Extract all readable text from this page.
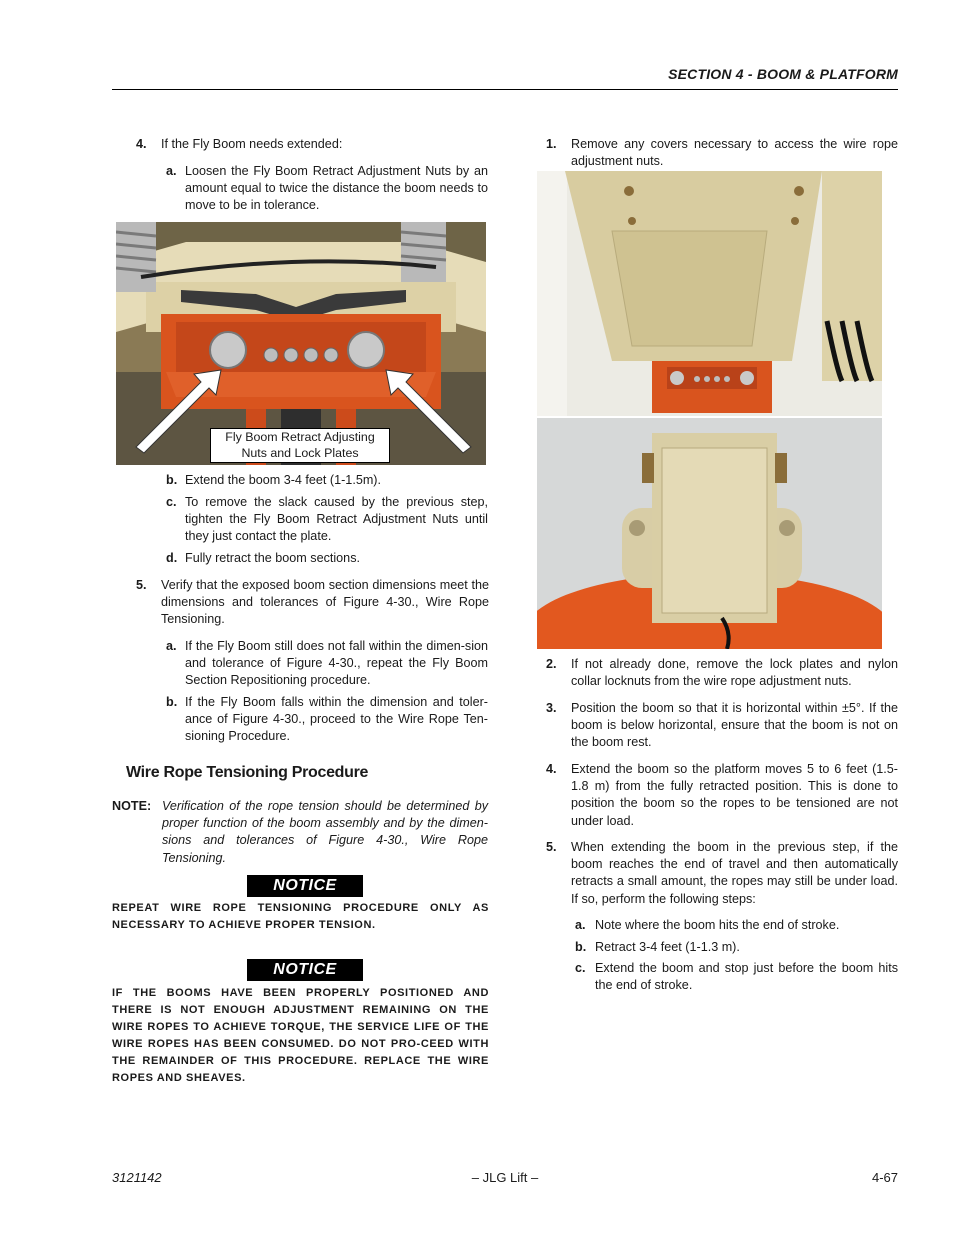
SECTION 4 - BOOM & PLATFORM
4. If the Fly Boom needs extended:
a. Loosen the Fly Boom Retract Adjustment Nuts by an amount equal to twice the distance the boom needs to move to be in tolerance.
Fly Boom Retract Adjusting Nuts and Lock Plates
b. Extend the boom 3-4 feet (1-1.5m).
c. To remove the slack caused by the previous step, tighten the Fly Boom Retract Adjustment Nuts until they just contact the plate.
d. Fully retract the boom sections.
5. Verify that the exposed boom section dimensions meet the dimensions and tolerances of Figure 4-30., Wire Rope Tensioning.
a. If the Fly Boom still does not fall within the dimen-sion and tolerance of Figure 4-30., repeat the Fly Boom Section Repositioning procedure.
b. If the Fly Boom falls within the dimension and toler-ance of Figure 4-30., proceed to the Wire Rope Ten-sioning Procedure.
Wire Rope Tensioning Procedure
NOTE: Verification of the rope tension should be determined by proper function of the boom assembly and by the dimen-sions and tolerances of Figure 4-30., Wire Rope Tensioning.
NOTICE
REPEAT WIRE ROPE TENSIONING PROCEDURE ONLY AS NECESSARY TO ACHIEVE PROPER TENSION.
NOTICE
IF THE BOOMS HAVE BEEN PROPERLY POSITIONED AND THERE IS NOT ENOUGH ADJUSTMENT REMAINING ON THE WIRE ROPES TO ACHIEVE TORQUE, THE SERVICE LIFE OF THE WIRE ROPES HAS BEEN CONSUMED. DO NOT PRO-CEED WITH THE REMAINDER OF THIS PROCEDURE. REPLACE THE WIRE ROPES AND SHEAVES.
1. Remove any covers necessary to access the wire rope adjustment nuts.
2. If not already done, remove the lock plates and nylon collar locknuts from the wire rope adjustment nuts.
3. Position the boom so that it is horizontal within ±5°. If the boom is below horizontal, ensure that the boom is not on the boom rest.
4. Extend the boom so the platform moves 5 to 6 feet (1.5-1.8 m) from the fully retracted position. This is done to position the boom so the ropes to be tensioned are not under load.
5. When extending the boom in the previous step, if the boom reaches the end of travel and then automatically retracts a small amount, the ropes may still be under load. If so, perform the following steps:
a. Note where the boom hits the end of stroke.
b. Retract 3-4 feet (1-1.3 m).
c. Extend the boom and stop just before the boom hits the end of stroke.
3121142	– JLG Lift –	4-67
